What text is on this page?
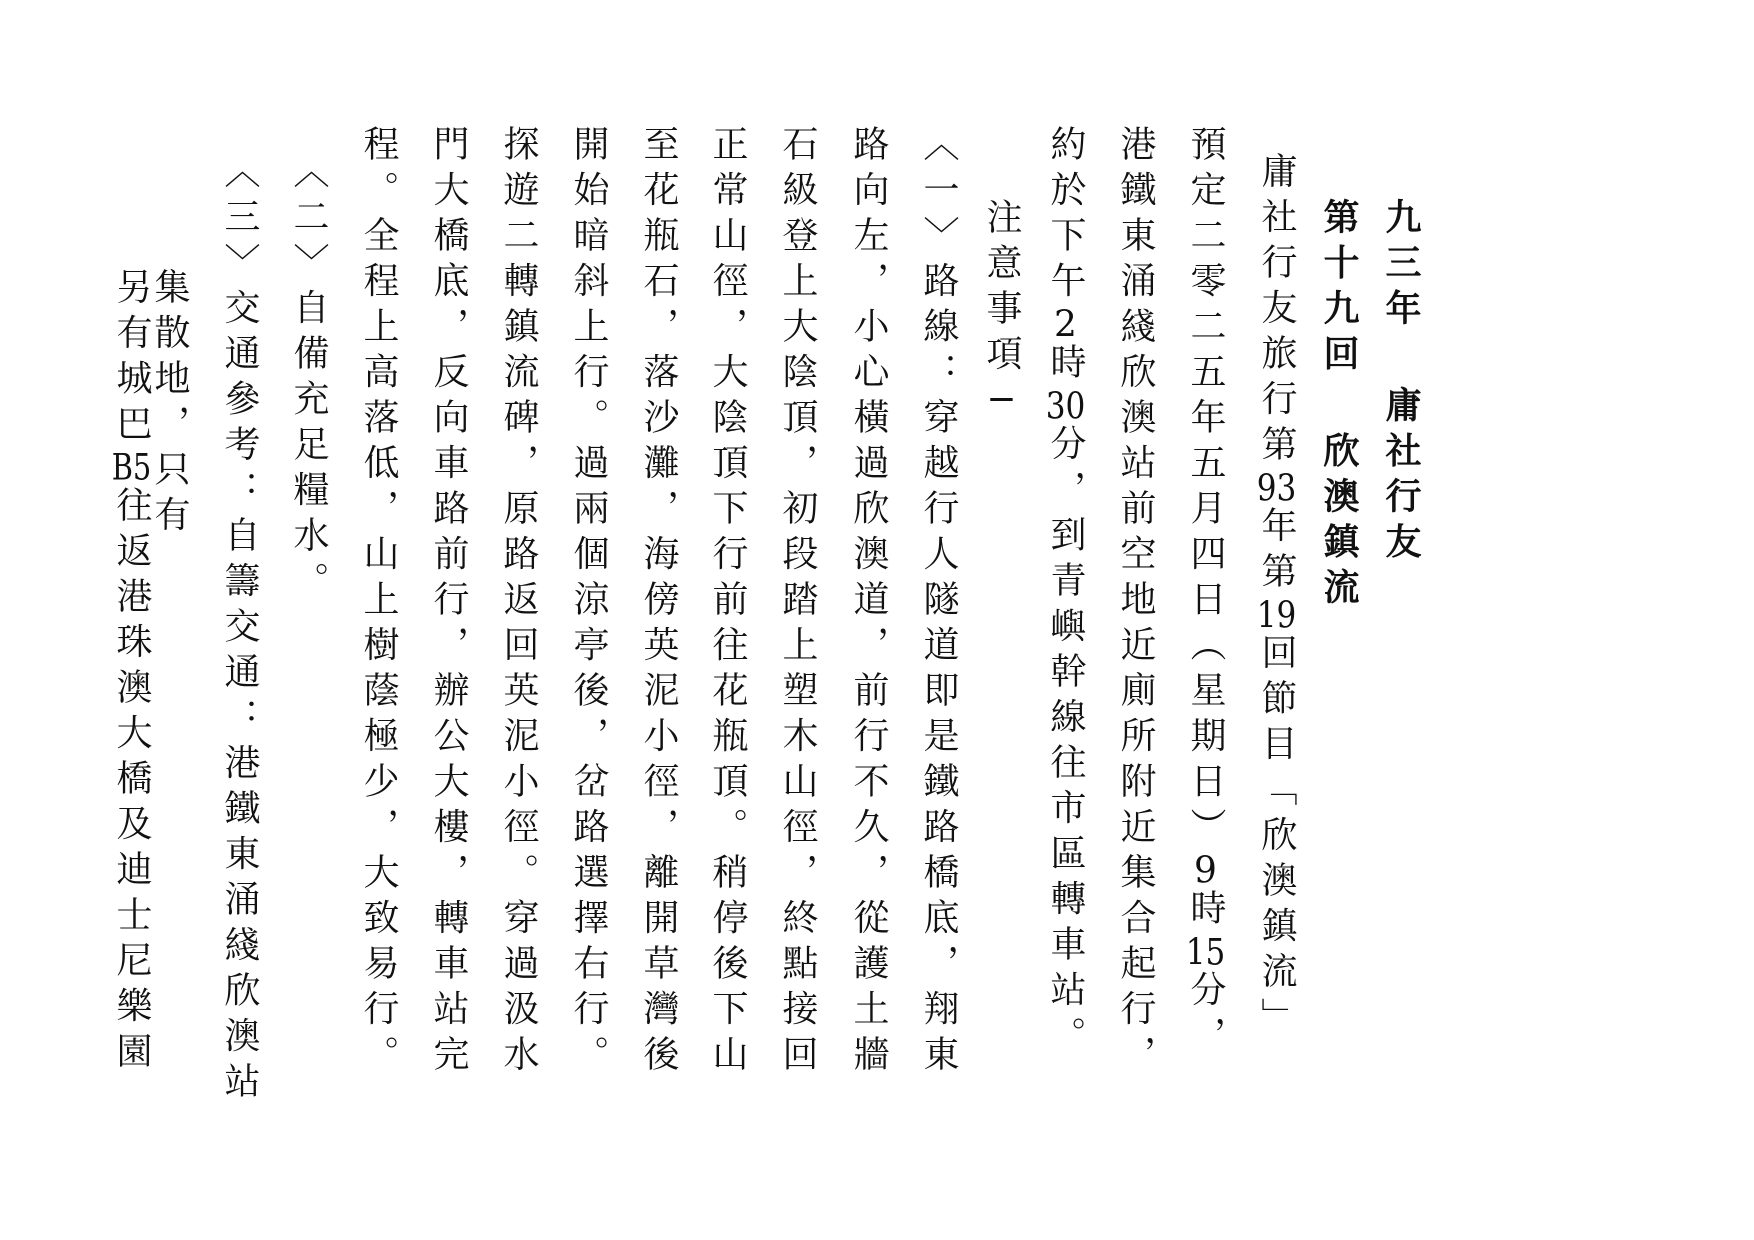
九三年 庸社行友
第十九回 欣澳鎮流
庸社行友旅行第93年第19回節目「欣澳鎮流」
預定二零二五年五月四日（星期日）9時15分，
港鐵東涌綫欣澳站前空地近廁所附近集合起行，
約於下午2時30分，到青嶼幹線往市區轉車站。
注意事項─
〈一〉路線：穿越行人隧道即是鐵路橋底，翔東
路向左，小心橫過欣澳道，前行不久，從護土牆
石級登上大陰頂，初段踏上塑木山徑，終點接回
正常山徑，大陰頂下行前往花瓶頂。稍停後下山
至花瓶石，落沙灘，海傍英泥小徑，離開草灣後
開始暗斜上行。過兩個涼亭後，岔路選擇右行。
探遊二轉鎮流碑，原路返回英泥小徑。穿過汲水
門大橋底，反向車路前行，辦公大樓，轉車站完
程。全程上高落低，山上樹蔭極少，大致易行。
〈二〉自備充足糧水。
〈三〉交通參考：自籌交通：港鐵東涌綫欣澳站
集散地，只有
另有城巴B5往返港珠澳大橋及迪士尼樂園
